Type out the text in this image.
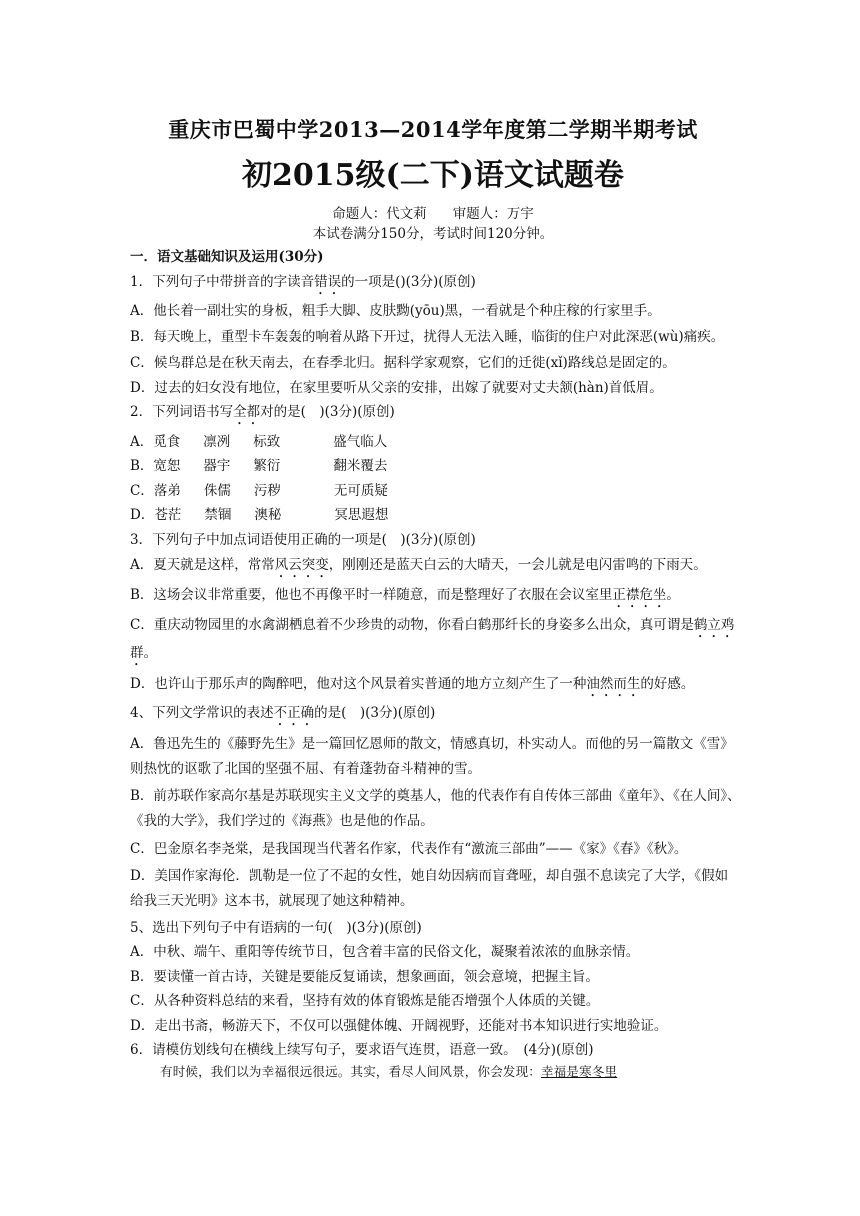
重庆市巴蜀中学2013—2014学年度第二学期半期考试
初2015级(二下)语文试题卷
命题人：代文莉 审题人：万宇
本试卷满分150分，考试时间120分钟。
一．语文基础知识及运用(30分)
1．下列句子中带拼音的字读音错误的一项是()(3分)(原创)
A．他长着一副壮实的身板，粗手大脚、皮肤黝(yōu)黑，一看就是个种庄稼的行家里手。
B．每天晚上，重型卡车轰轰的响着从路下开过，扰得人无法入睡，临街的住户对此深恶(wù)痛疾。
C．候鸟群总是在秋天南去，在春季北归。据科学家观察，它们的迁徙(xǐ)路线总是固定的。
D．过去的妇女没有地位，在家里要听从父亲的安排，出嫁了就要对丈夫颔(hàn)首低眉。
2．下列词语书写全都对的是(　)(3分)(原创)
A．觅食 凛冽 标致	盛气临人
B．宽恕 器宇 繁衍	翻米覆去
C．落弟 侏儒 污秽	无可质疑
D．苍茫 禁锢 澳秘	冥思遐想
3．下列句子中加点词语使用正确的一项是(　)(3分)(原创)
A．夏天就是这样，常常风云突变，刚刚还是蓝天白云的大晴天，一会儿就是电闪雷鸣的下雨天。
B．这场会议非常重要，他也不再像平时一样随意，而是整理好了衣服在会议室里正襟危坐。
C．重庆动物园里的水禽湖栖息着不少珍贵的动物，你看白鹤那纤长的身姿多么出众，真可谓是鹤立鸡群。
D．也许山于那乐声的陶醉吧，他对这个风景着实普通的地方立刻产生了一种油然而生的好感。
4、下列文学常识的表述不正确的是(　)(3分)(原创)
A．鲁迅先生的《藤野先生》是一篇回忆恩师的散文，情感真切，朴实动人。而他的另一篇散文《雪》则热忱的讴歌了北国的坚强不屈、有着蓬勃奋斗精神的雪。
B．前苏联作家高尔基是苏联现实主义文学的奠基人，他的代表作有自传体三部曲《童年》、《在人间》、　《我的大学》，我们学过的《海燕》也是他的作品。
C．巴金原名李尧棠，是我国现当代著名作家，代表作有“激流三部曲”——《家》《春》《秋》。
D．美国作家海伦．凯勒是一位了不起的女性，她自幼因病而盲聋哑，却自强不息读完了大学，《假如给我三天光明》这本书，就展现了她这种精神。
5、选出下列句子中有语病的一句(　)(3分)(原创)
A．中秋、端午、重阳等传统节日，包含着丰富的民俗文化，凝聚着浓浓的血脉亲情。
B．要读懂一首古诗，关键是要能反复诵读，想象画面，领会意境，把握主旨。
C．从各种资料总结的来看，坚持有效的体育锻炼是能否增强个人体质的关键。
D．走出书斋，畅游天下，不仅可以强健体魄、开阔视野，还能对书本知识进行实地验证。
6．请模仿划线句在横线上续写句子，要求语气连贯，语意一致。　(4分)(原创)
有时候，我们以为幸福很远很远。其实，看尽人间风景，你会发现：幸福是寒冬里
